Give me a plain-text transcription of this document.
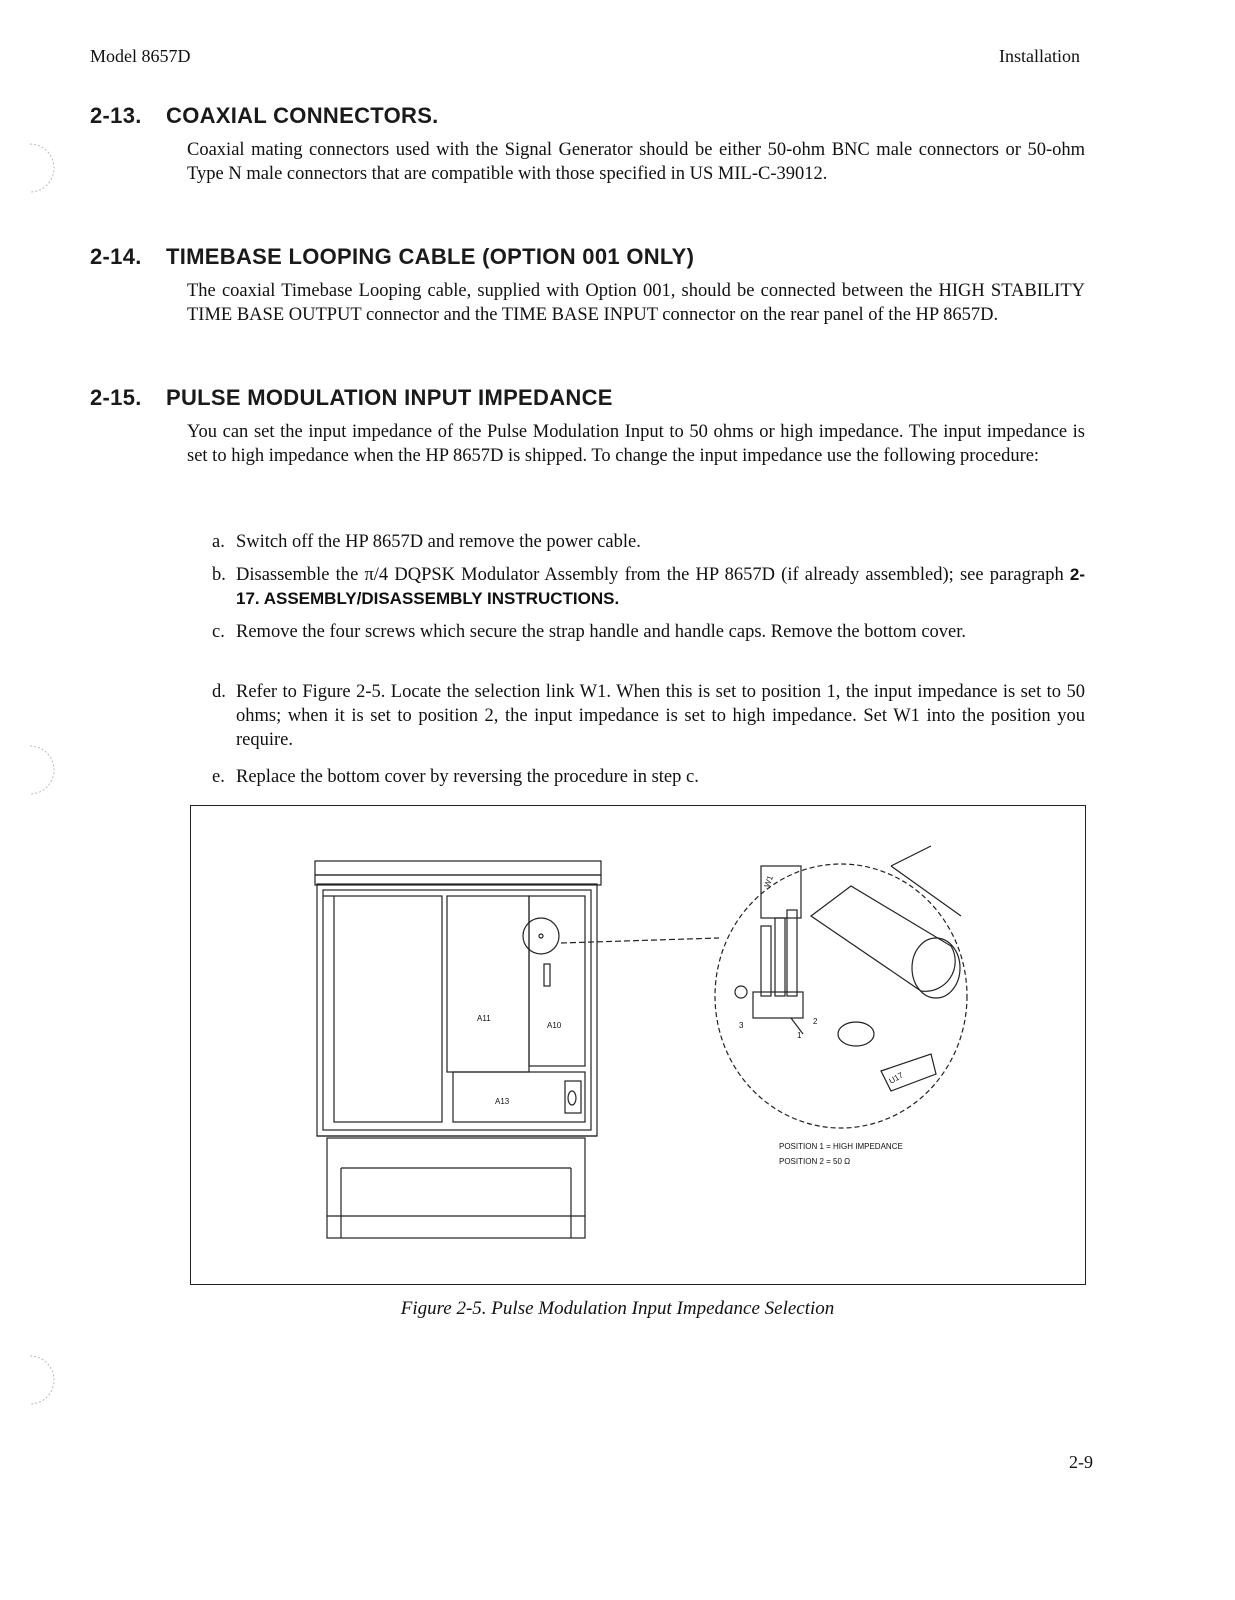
Model 8657D	Installation
2-13. COAXIAL CONNECTORS.

Coaxial mating connectors used with the Signal Generator should be either 50-ohm BNC male connectors or 50-ohm Type N male connectors that are compatible with those specified in US MIL-C-39012.

2-14. TIMEBASE LOOPING CABLE (OPTION 001 ONLY)

The coaxial Timebase Looping cable, supplied with Option 001, should be connected between the HIGH STABILITY TIME BASE OUTPUT connector and the TIME BASE INPUT connector on the rear panel of the HP 8657D.

2-15. PULSE MODULATION INPUT IMPEDANCE

You can set the input impedance of the Pulse Modulation Input to 50 ohms or high impedance. The input impedance is set to high impedance when the HP 8657D is shipped. To change the input impedance use the following procedure:

a. Switch off the HP 8657D and remove the power cable.
b. Disassemble the π/4 DQPSK Modulator Assembly from the HP 8657D (if already assembled); see paragraph 2-17. ASSEMBLY/DISASSEMBLY INSTRUCTIONS.
c. Remove the four screws which secure the strap handle and handle caps. Remove the bottom cover.
d. Refer to Figure 2-5. Locate the selection link W1. When this is set to position 1, the input impedance is set to 50 ohms; when it is set to position 2, the input impedance is set to high impedance. Set W1 into the position you require.
e. Replace the bottom cover by reversing the procedure in step c.
A11
A10
A13
W1
U17
2
3
1
POSITION 1 = HIGH IMPEDANCE
POSITION 2 = 50 Ω
Figure 2-5. Pulse Modulation Input Impedance Selection
2-9
